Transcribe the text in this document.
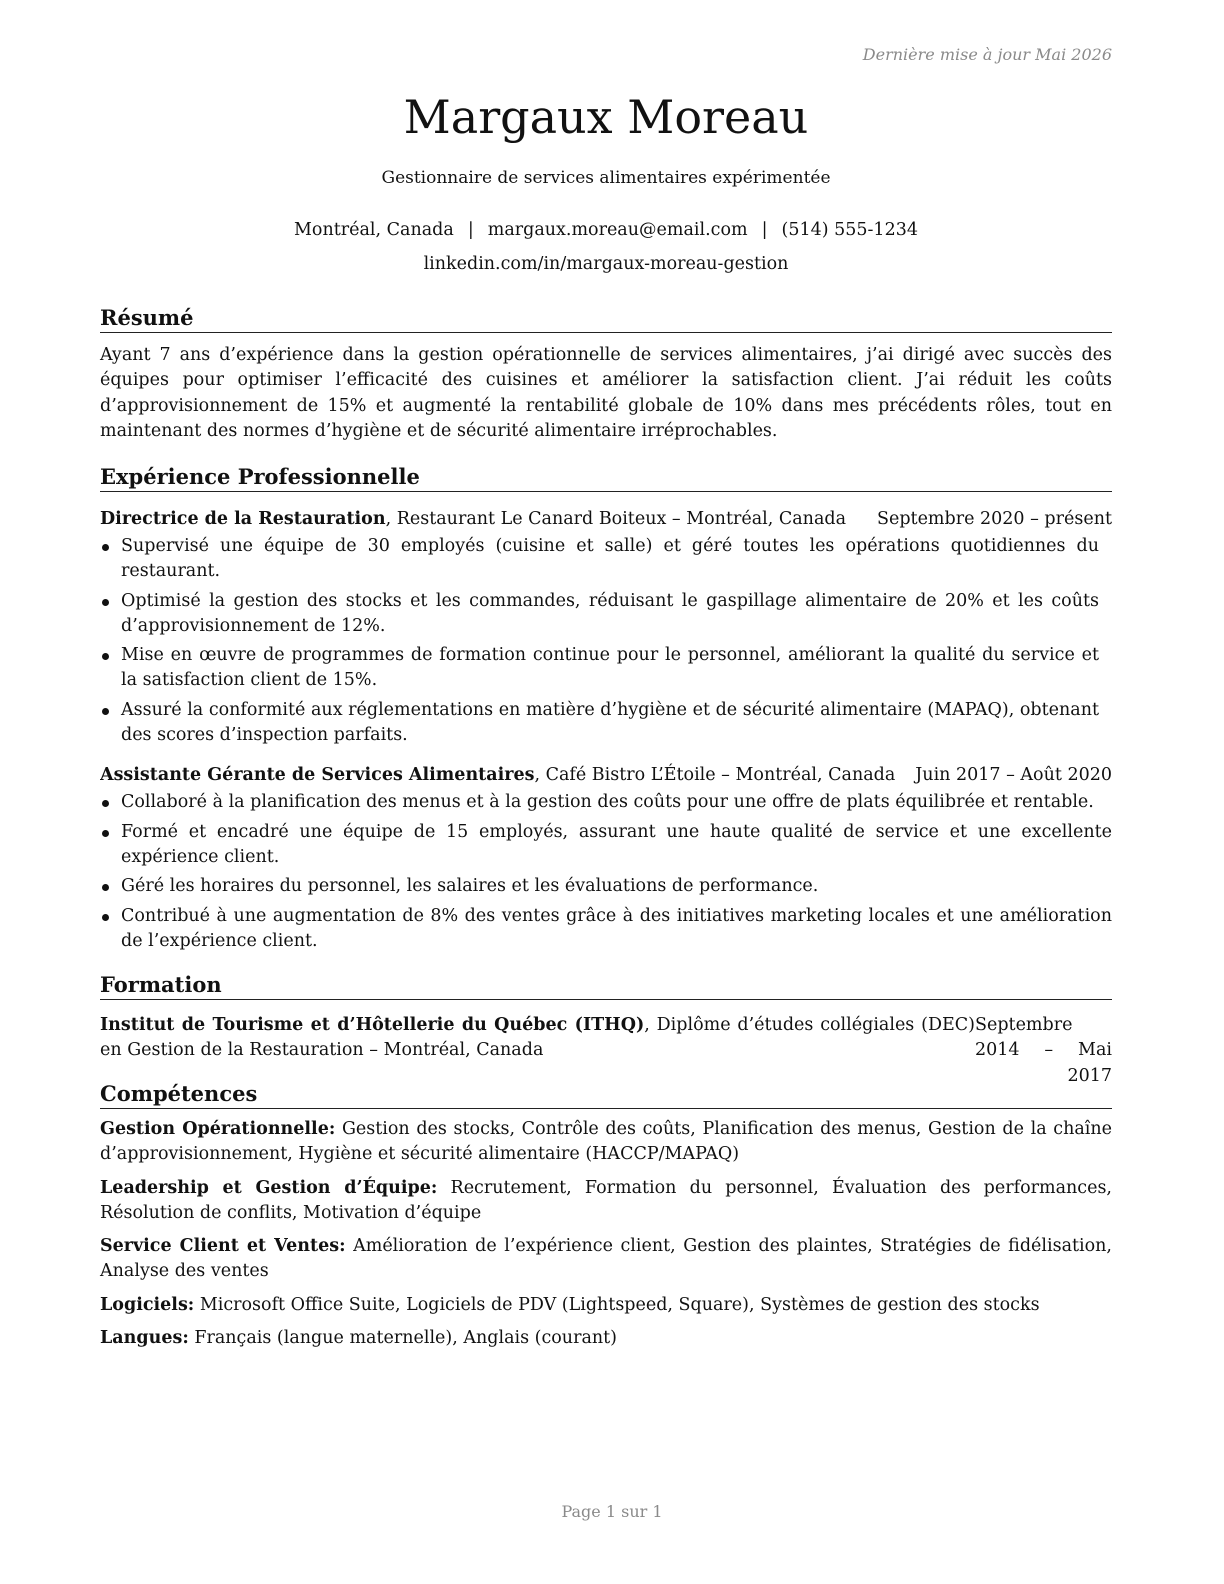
Dernière mise à jour Mai 2026
Margaux Moreau
Gestionnaire de services alimentaires expérimentée
Montréal, Canada | margaux.moreau@email.com | (514) 555-1234
linkedin.com/in/margaux-moreau-gestion
Résumé
Ayant 7 ans d’expérience dans la gestion opérationnelle de services alimentaires, j’ai dirigé avec succès des équipes pour optimiser l’efficacité des cuisines et améliorer la satisfaction client. J’ai réduit les coûts d’approvisionnement de 15% et augmenté la rentabilité globale de 10% dans mes précédents rôles, tout en maintenant des normes d’hygiène et de sécurité alimentaire irréprochables.
Expérience Professionnelle
Directrice de la Restauration, Restaurant Le Canard Boiteux – Montréal, Canada Septembre 2020 – présent
Supervisé une équipe de 30 employés (cuisine et salle) et géré toutes les opérations quotidiennes du restaurant.
Optimisé la gestion des stocks et les commandes, réduisant le gaspillage alimentaire de 20% et les coûts d’approvisionnement de 12%.
Mise en œuvre de programmes de formation continue pour le personnel, améliorant la qualité du service et la satisfaction client de 15%.
Assuré la conformité aux réglementations en matière d’hygiène et de sécurité alimentaire (MAPAQ), obtenant des scores d’inspection parfaits.
Assistante Gérante de Services Alimentaires, Café Bistro L’Étoile – Montréal, Canada Juin 2017 – Août 2020
Collaboré à la planification des menus et à la gestion des coûts pour une offre de plats équilibrée et rentable.
Formé et encadré une équipe de 15 employés, assurant une haute qualité de service et une excellente expérience client.
Géré les horaires du personnel, les salaires et les évaluations de performance.
Contribué à une augmentation de 8% des ventes grâce à des initiatives marketing locales et une amélioration de l’expérience client.
Formation
Institut de Tourisme et d’Hôtellerie du Québec (ITHQ), Diplôme d’études collégiales (DEC) en Gestion de la Restauration – Montréal, Canada
Septembre 2014 – Mai 2017
Compétences
Gestion Opérationnelle: Gestion des stocks, Contrôle des coûts, Planification des menus, Gestion de la chaîne d’approvisionnement, Hygiène et sécurité alimentaire (HACCP/MAPAQ)
Leadership et Gestion d’Équipe: Recrutement, Formation du personnel, Évaluation des performances, Résolution de conflits, Motivation d’équipe
Service Client et Ventes: Amélioration de l’expérience client, Gestion des plaintes, Stratégies de fidélisation, Analyse des ventes
Logiciels: Microsoft Office Suite, Logiciels de PDV (Lightspeed, Square), Systèmes de gestion des stocks
Langues: Français (langue maternelle), Anglais (courant)
Page 1 sur 1
